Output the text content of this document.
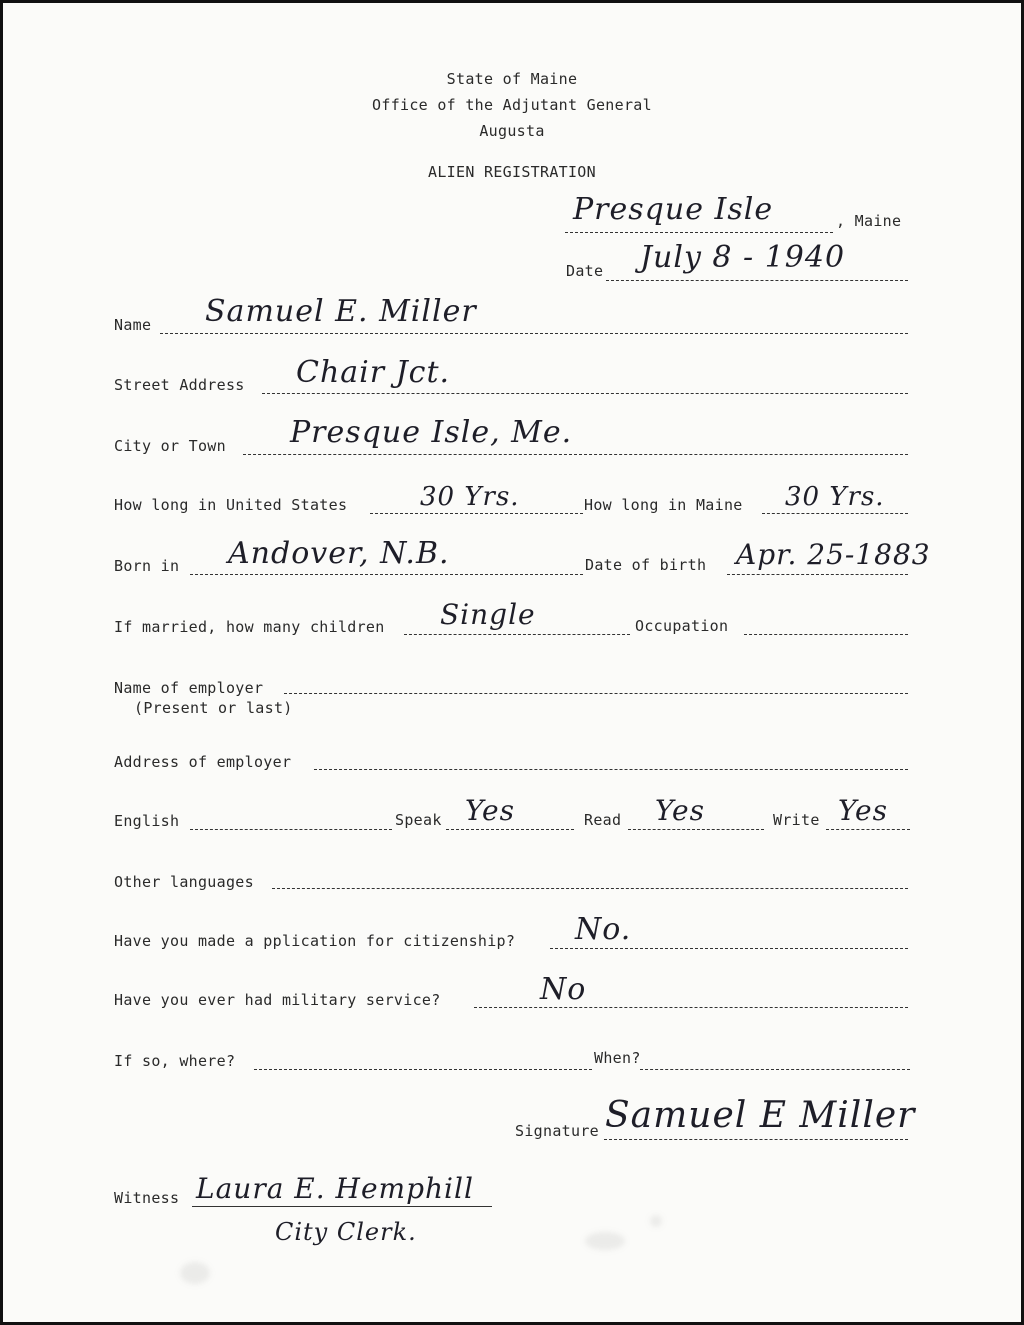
State of Maine
Office of the Adjutant General
Augusta
ALIEN REGISTRATION
Presque Isle	, Maine
Date July 8 - 1940
Name Samuel E. Miller
Street Address Chair Jct.
City or Town Presque Isle, Me.
How long in United States	30 Yrs.	How long in Maine 30 Yrs.
Born in Andover, N.B.	Date of birth Apr. 25-1883
If married, how many children Single	Occupation
Name of employer
(Present or last)
Address of employer
English	Speak Yes	Read Yes	Write Yes
Other languages
Have you made a pplication for citizenship? No.
Have you ever had military service?	No
If so, where?	When?
Signature Samuel E Miller
Witness Laura E. Hemphill
City Clerk.
